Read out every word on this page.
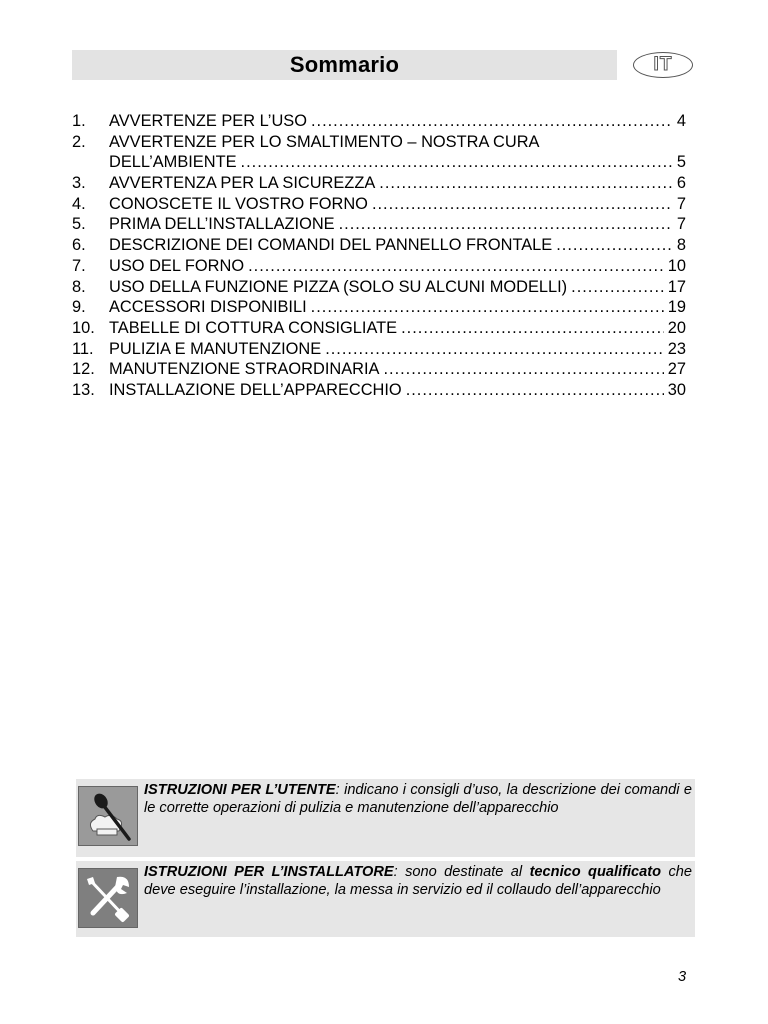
Sommario	IT
1.	AVVERTENZE PER L’USO .....	4
2.	AVVERTENZE PER LO SMALTIMENTO – NOSTRA CURA
DELL’AMBIENTE .....	5
3.	AVVERTENZA PER LA SICUREZZA .....	6
4.	CONOSCETE IL VOSTRO FORNO .....	7
5.	PRIMA DELL’INSTALLAZIONE .....	7
6.	DESCRIZIONE DEI COMANDI DEL PANNELLO FRONTALE .....	8
7.	USO DEL FORNO .....	10
8.	USO DELLA FUNZIONE PIZZA (SOLO SU ALCUNI MODELLI) .....	17
9.	ACCESSORI DISPONIBILI .....	19
10. TABELLE DI COTTURA CONSIGLIATE .....	20
11. PULIZIA E MANUTENZIONE .....	23
12. MANUTENZIONE STRAORDINARIA .....	27
13. INSTALLAZIONE DELL’APPARECCHIO .....	30
ISTRUZIONI PER L’UTENTE: indicano i consigli d’uso, la descrizione dei comandi e le corrette operazioni di pulizia e manutenzione dell’apparecchio
ISTRUZIONI PER L’INSTALLATORE: sono destinate al tecnico qualificato che deve eseguire l’installazione, la messa in servizio ed il collaudo dell’apparecchio
3
